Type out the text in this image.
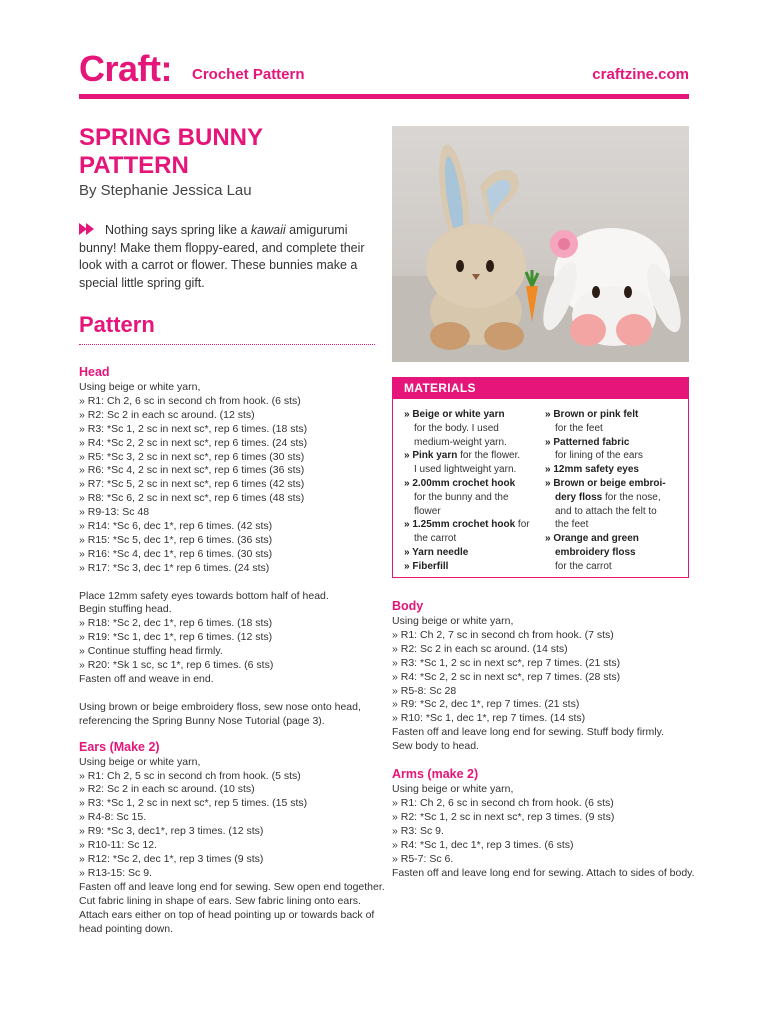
Craft: Crochet Pattern	craftzine.com
SPRING BUNNY PATTERN
By Stephanie Jessica Lau
Nothing says spring like a kawaii amigurumi bunny! Make them floppy-eared, and complete their look with a carrot or flower. These bunnies make a special little spring gift.
Pattern
Head
Using beige or white yarn,
» R1: Ch 2, 6 sc in second ch from hook. (6 sts)
» R2: Sc 2 in each sc around. (12 sts)
» R3: *Sc 1, 2 sc in next sc*, rep 6 times. (18 sts)
» R4: *Sc 2, 2 sc in next sc*, rep 6 times. (24 sts)
» R5: *Sc 3, 2 sc in next sc*, rep 6 times (30 sts)
» R6: *Sc 4, 2 sc in next sc*, rep 6 times (36 sts)
» R7: *Sc 5, 2 sc in next sc*, rep 6 times (42 sts)
» R8: *Sc 6, 2 sc in next sc*, rep 6 times (48 sts)
» R9-13: Sc 48
» R14: *Sc 6, dec 1*, rep 6 times. (42 sts)
» R15: *Sc 5, dec 1*, rep 6 times. (36 sts)
» R16: *Sc 4, dec 1*, rep 6 times. (30 sts)
» R17: *Sc 3, dec 1* rep 6 times. (24 sts)
Place 12mm safety eyes towards bottom half of head.
Begin stuffing head.
» R18: *Sc 2, dec 1*, rep 6 times. (18 sts)
» R19: *Sc 1, dec 1*, rep 6 times. (12 sts)
» Continue stuffing head firmly.
» R20: *Sk 1 sc, sc 1*, rep 6 times. (6 sts)
Fasten off and weave in end.
Using brown or beige embroidery floss, sew nose onto head,
referencing the Spring Bunny Nose Tutorial (page 3).
Ears (Make 2)
Using beige or white yarn,
» R1: Ch 2, 5 sc in second ch from hook. (5 sts)
» R2: Sc 2 in each sc around. (10 sts)
» R3: *Sc 1, 2 sc in next sc*, rep 5 times. (15 sts)
» R4-8: Sc 15.
» R9: *Sc 3, dec1*, rep 3 times. (12 sts)
» R10-11: Sc 12.
» R12: *Sc 2, dec 1*, rep 3 times (9 sts)
» R13-15: Sc 9.
Fasten off and leave long end for sewing. Sew open end together.
Cut fabric lining in shape of ears. Sew fabric lining onto ears.
Attach ears either on top of head pointing up or towards back of
head pointing down.
MATERIALS
» Beige or white yarn
for the body. I used
medium-weight yarn.
» Pink yarn for the flower.
I used lightweight yarn.
» 2.00mm crochet hook
for the bunny and the
flower
» 1.25mm crochet hook for
the carrot
» Yarn needle
» Fiberfill
» Brown or pink felt
for the feet
» Patterned fabric
for lining of the ears
» 12mm safety eyes
» Brown or beige embroi-
dery floss for the nose,
and to attach the felt to
the feet
» Orange and green
embroidery floss
for the carrot
Body
Using beige or white yarn,
» R1: Ch 2, 7 sc in second ch from hook. (7 sts)
» R2: Sc 2 in each sc around. (14 sts)
» R3: *Sc 1, 2 sc in next sc*, rep 7 times. (21 sts)
» R4: *Sc 2, 2 sc in next sc*, rep 7 times. (28 sts)
» R5-8: Sc 28
» R9: *Sc 2, dec 1*, rep 7 times. (21 sts)
» R10: *Sc 1, dec 1*, rep 7 times. (14 sts)
Fasten off and leave long end for sewing. Stuff body firmly.
Sew body to head.
Arms (make 2)
Using beige or white yarn,
» R1: Ch 2, 6 sc in second ch from hook. (6 sts)
» R2: *Sc 1, 2 sc in next sc*, rep 3 times. (9 sts)
» R3: Sc 9.
» R4: *Sc 1, dec 1*, rep 3 times. (6 sts)
» R5-7: Sc 6.
Fasten off and leave long end for sewing. Attach to sides of body.
